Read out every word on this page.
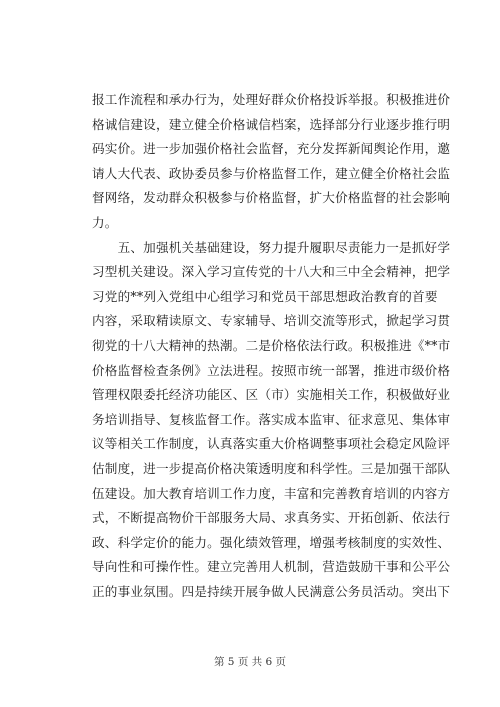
报工作流程和承办行为，处理好群众价格投诉举报。积极推进价
格诚信建设，建立健全价格诚信档案，选择部分行业逐步推行明
码实价。进一步加强价格社会监督，充分发挥新闻舆论作用，邀
请人大代表、政协委员参与价格监督工作，建立健全价格社会监
督网络，发动群众积极参与价格监督，扩大价格监督的社会影响
力。
　　五、加强机关基础建设，努力提升履职尽责能力一是抓好学
习型机关建设。深入学习宣传党的十八大和三中全会精神，把学
习党的**列入党组中心组学习和党员干部思想政治教育的首要
内容，采取精读原文、专家辅导、培训交流等形式，掀起学习贯
彻党的十八大精神的热潮。二是价格依法行政。积极推进《**市
价格监督检查条例》立法进程。按照市统一部署，推进市级价格
管理权限委托经济功能区、区（市）实施相关工作，积极做好业
务培训指导、复核监督工作。落实成本监审、征求意见、集体审
议等相关工作制度，认真落实重大价格调整事项社会稳定风险评
估制度，进一步提高价格决策透明度和科学性。三是加强干部队
伍建设。加大教育培训工作力度，丰富和完善教育培训的内容方
式，不断提高物价干部服务大局、求真务实、开拓创新、依法行
政、科学定价的能力。强化绩效管理，增强考核制度的实效性、
导向性和可操作性。建立完善用人机制，营造鼓励干事和公平公
正的事业氛围。四是持续开展争做人民满意公务员活动。突出下
第 5 页 共 6 页
